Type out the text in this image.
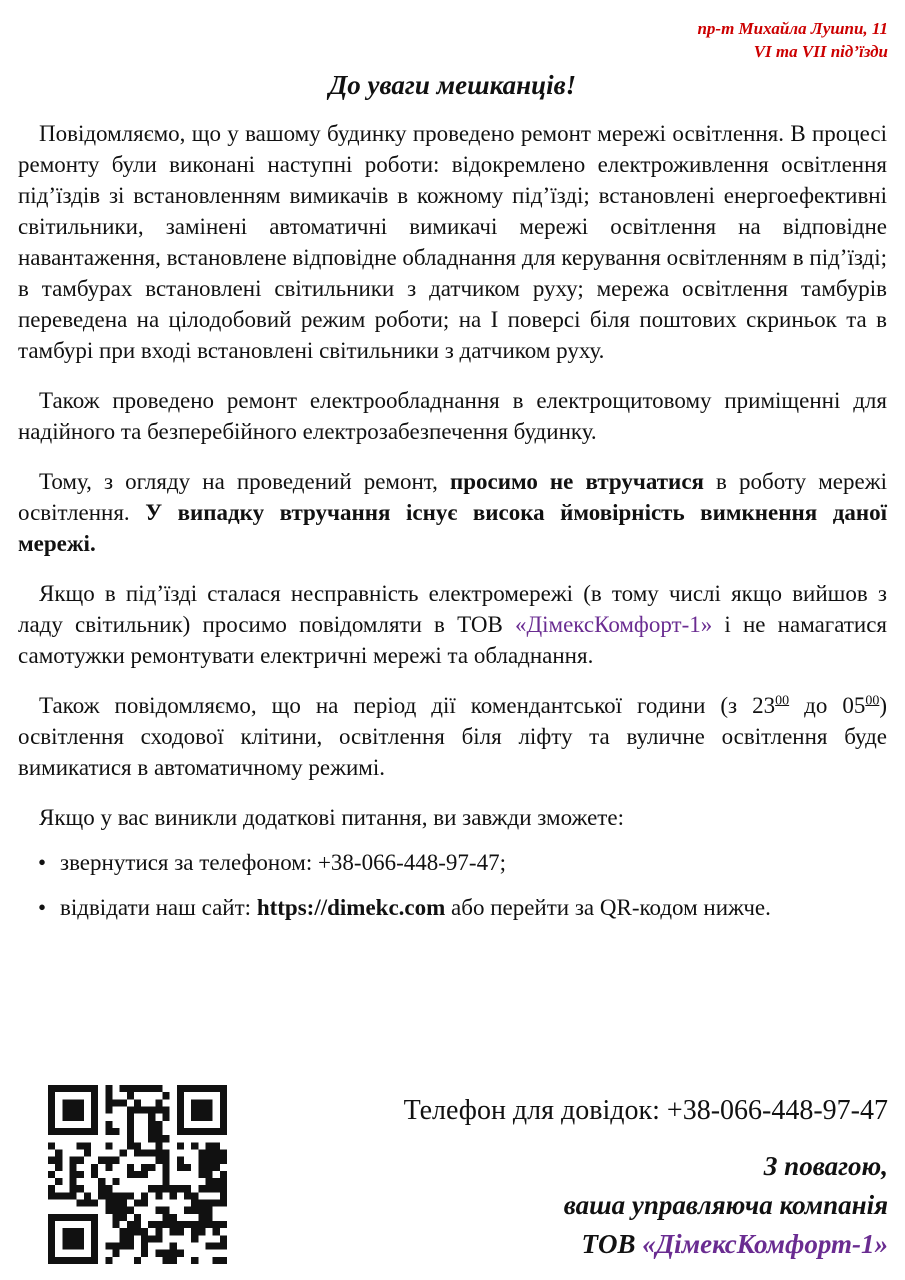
пр-т Михайла Лушпи, 11
VI та VII під’їзди
До уваги мешканців!

Повідомляємо, що у вашому будинку проведено ремонт мережі освітлення. В процесі ремонту були виконані наступні роботи: відокремлено електроживлення освітлення під’їздів зі встановленням вимикачів в кожному під’їзді; встановлені енергоефективні світильники, замінені автоматичні вимикачі мережі освітлення на відповідне навантаження, встановлене відповідне обладнання для керування освітленням в під’їзді; в тамбурах встановлені світильники з датчиком руху; мережа освітлення тамбурів переведена на цілодобовий режим роботи; на І поверсі біля поштових скриньок та в тамбурі при вході встановлені світильники з датчиком руху.

Також проведено ремонт електрообладнання в електрощитовому приміщенні для надійного та безперебійного електрозабезпечення будинку.

Тому, з огляду на проведений ремонт, просимо не втручатися в роботу мережі освітлення. У випадку втручання існує висока ймовірність вимкнення даної мережі.

Якщо в під’їзді сталася несправність електромережі (в тому числі якщо вийшов з ладу світильник) просимо повідомляти в ТОВ «ДімексКомфорт-1» і не намагатися самотужки ремонтувати електричні мережі та обладнання.

Також повідомляємо, що на період дії комендантської години (з $23^{00}$ до $05^{00}$) освітлення сходової клітини, освітлення біля ліфту та вуличне освітлення буде вимикатися в автоматичному режимі.

Якщо у вас виникли додаткові питання, ви завжди зможете:

• звернутися за телефоном: +38-066-448-97-47;
• відвідати наш сайт: https://dimekc.com або перейти за QR-кодом нижче.
Телефон для довідок: +38-066-448-97-47
З повагою,
ваша управляюча компанія
ТОВ «ДімексКомфорт-1»
